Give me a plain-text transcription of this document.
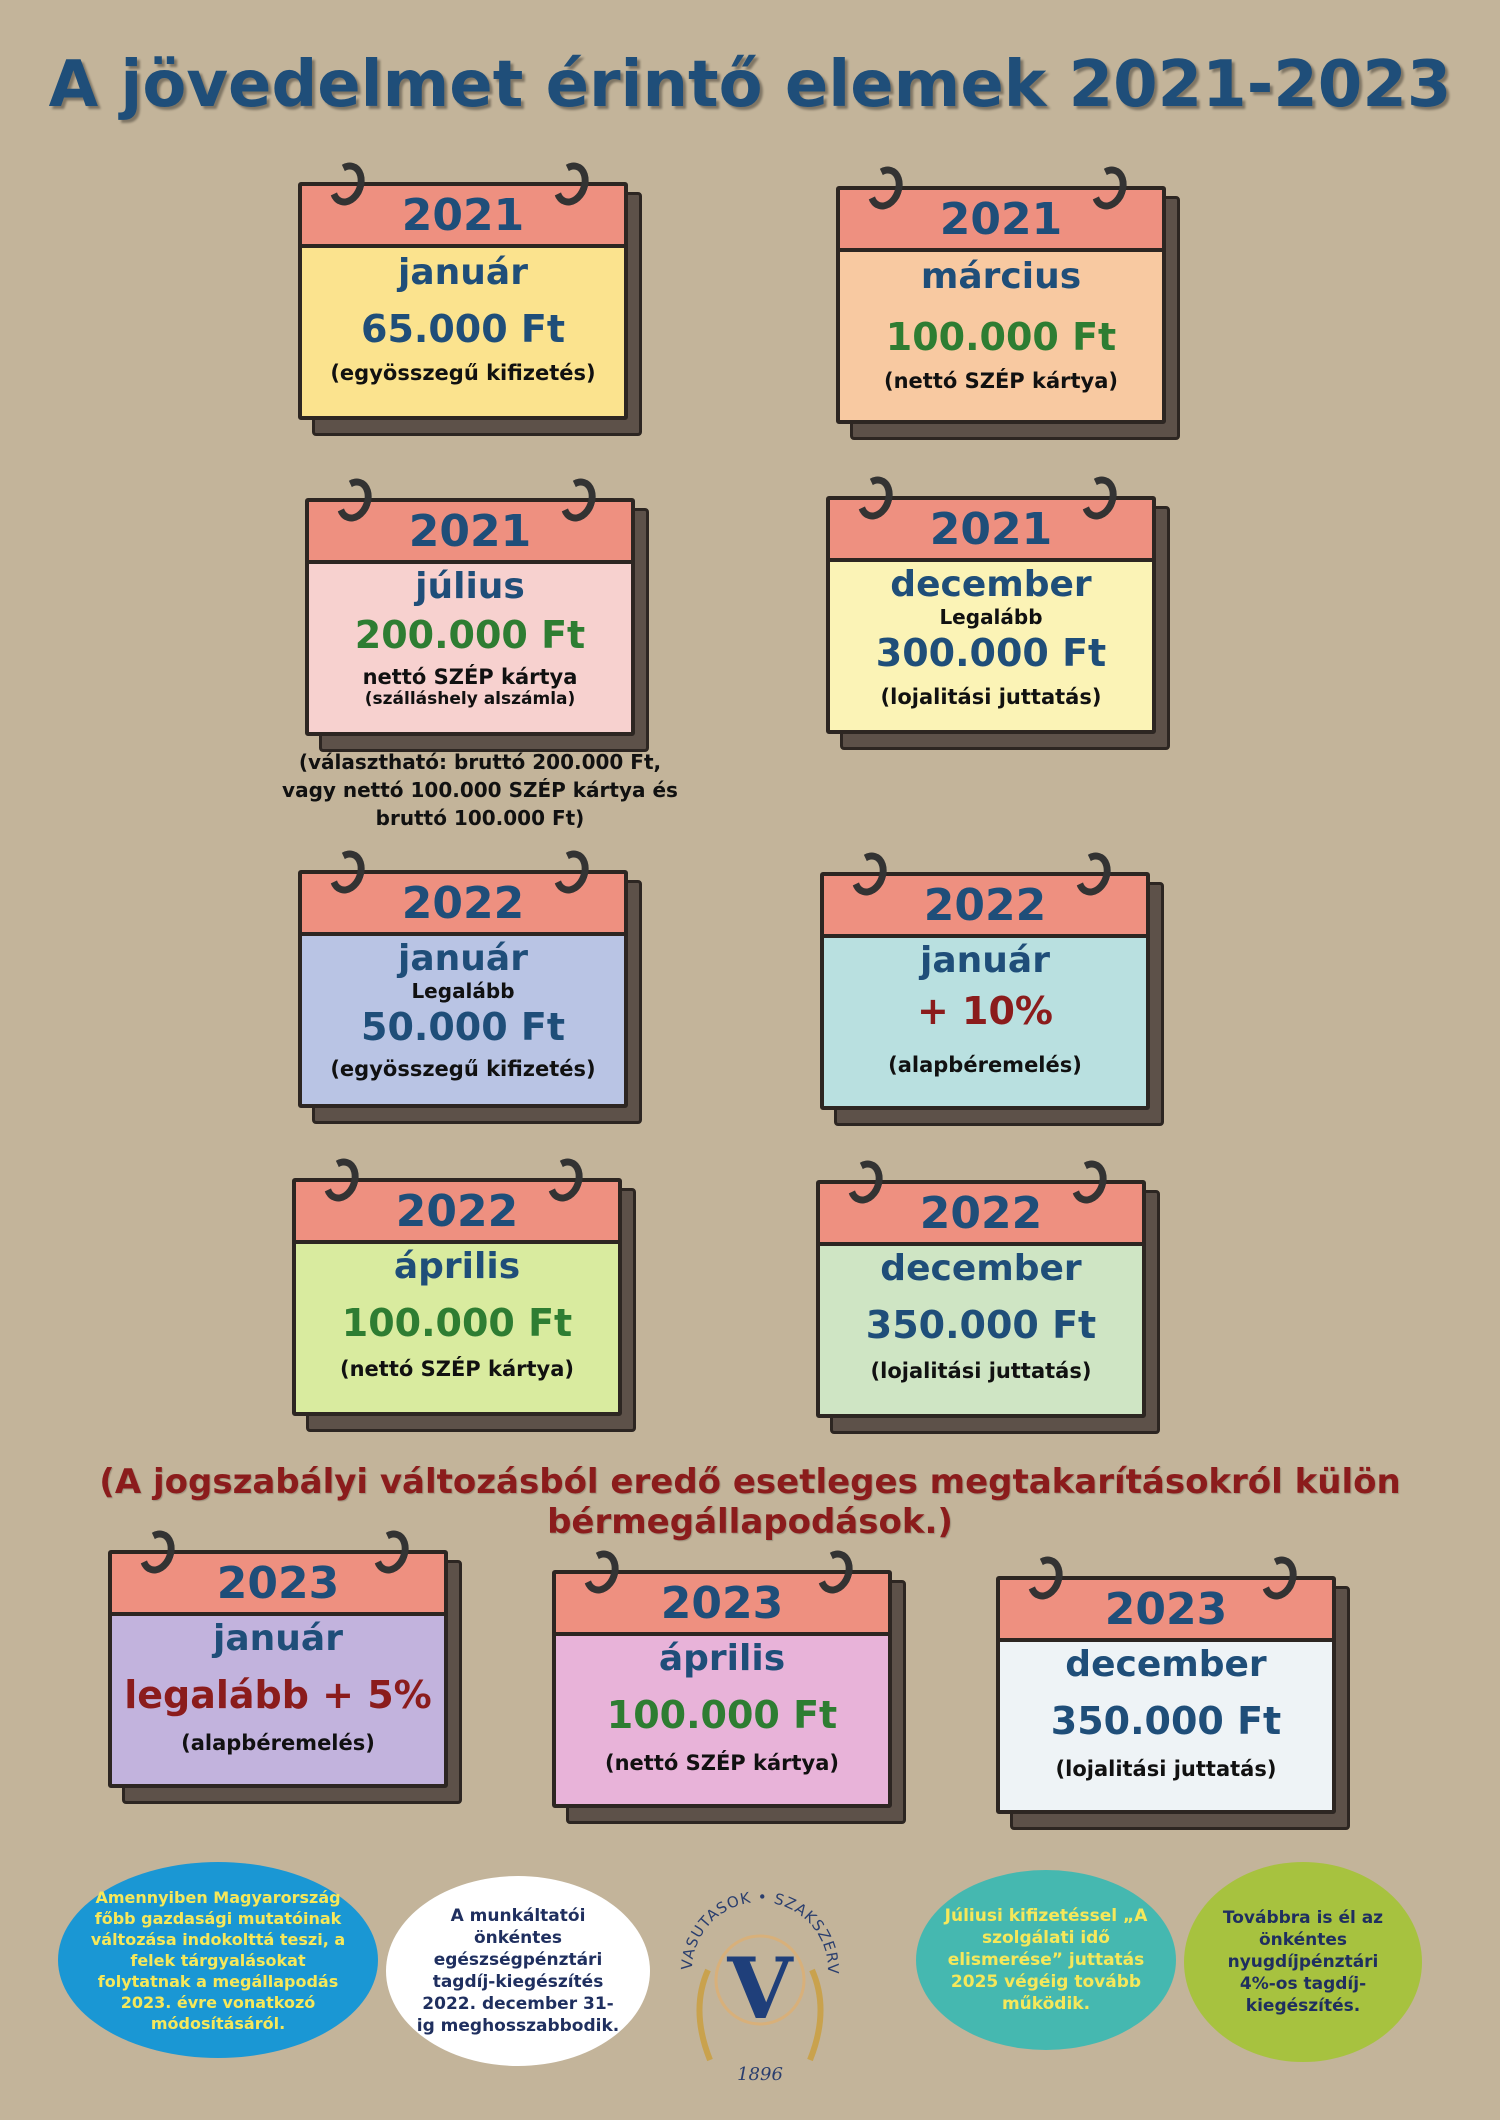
A jövedelmet érintő elemek 2021-2023
2021
január
65.000 Ft
(egyösszegű kifizetés)
2021
március
100.000 Ft
(nettó SZÉP kártya)
2021
július
200.000 Ft
nettó SZÉP kártya
(szálláshely alszámla)
2021
december
Legalább
300.000 Ft
(lojalitási juttatás)
(választható: bruttó 200.000 Ft,
vagy nettó 100.000 SZÉP kártya és
bruttó 100.000 Ft)
2022
január
Legalább
50.000 Ft
(egyösszegű kifizetés)
2022
január
+ 10%
(alapbéremelés)
2022
április
100.000 Ft
(nettó SZÉP kártya)
2022
december
350.000 Ft
(lojalitási juttatás)
(A jogszabályi változásból eredő esetleges megtakarításokról külön bérmegállapodások.)
2023
január
legalább + 5%
(alapbéremelés)
2023
április
100.000 Ft
(nettó SZÉP kártya)
2023
december
350.000 Ft
(lojalitási juttatás)
Amennyiben Magyarország főbb gazdasági mutatóinak változása indokolttá teszi, a felek tárgyalásokat folytatnak a megállapodás 2023. évre vonatkozó módosításáról.
A munkáltatói önkéntes egészségpénztári tagdíj-kiegészítés 2022. december 31-ig meghosszabbodik.
Júliusi kifizetéssel „A szolgálati idő elismerése” juttatás 2025 végéig tovább működik.
Továbbra is él az önkéntes nyugdíjpénztári 4%-os tagdíj-kiegészítés.
VASUTASOK • SZAKSZERV
V
1896
